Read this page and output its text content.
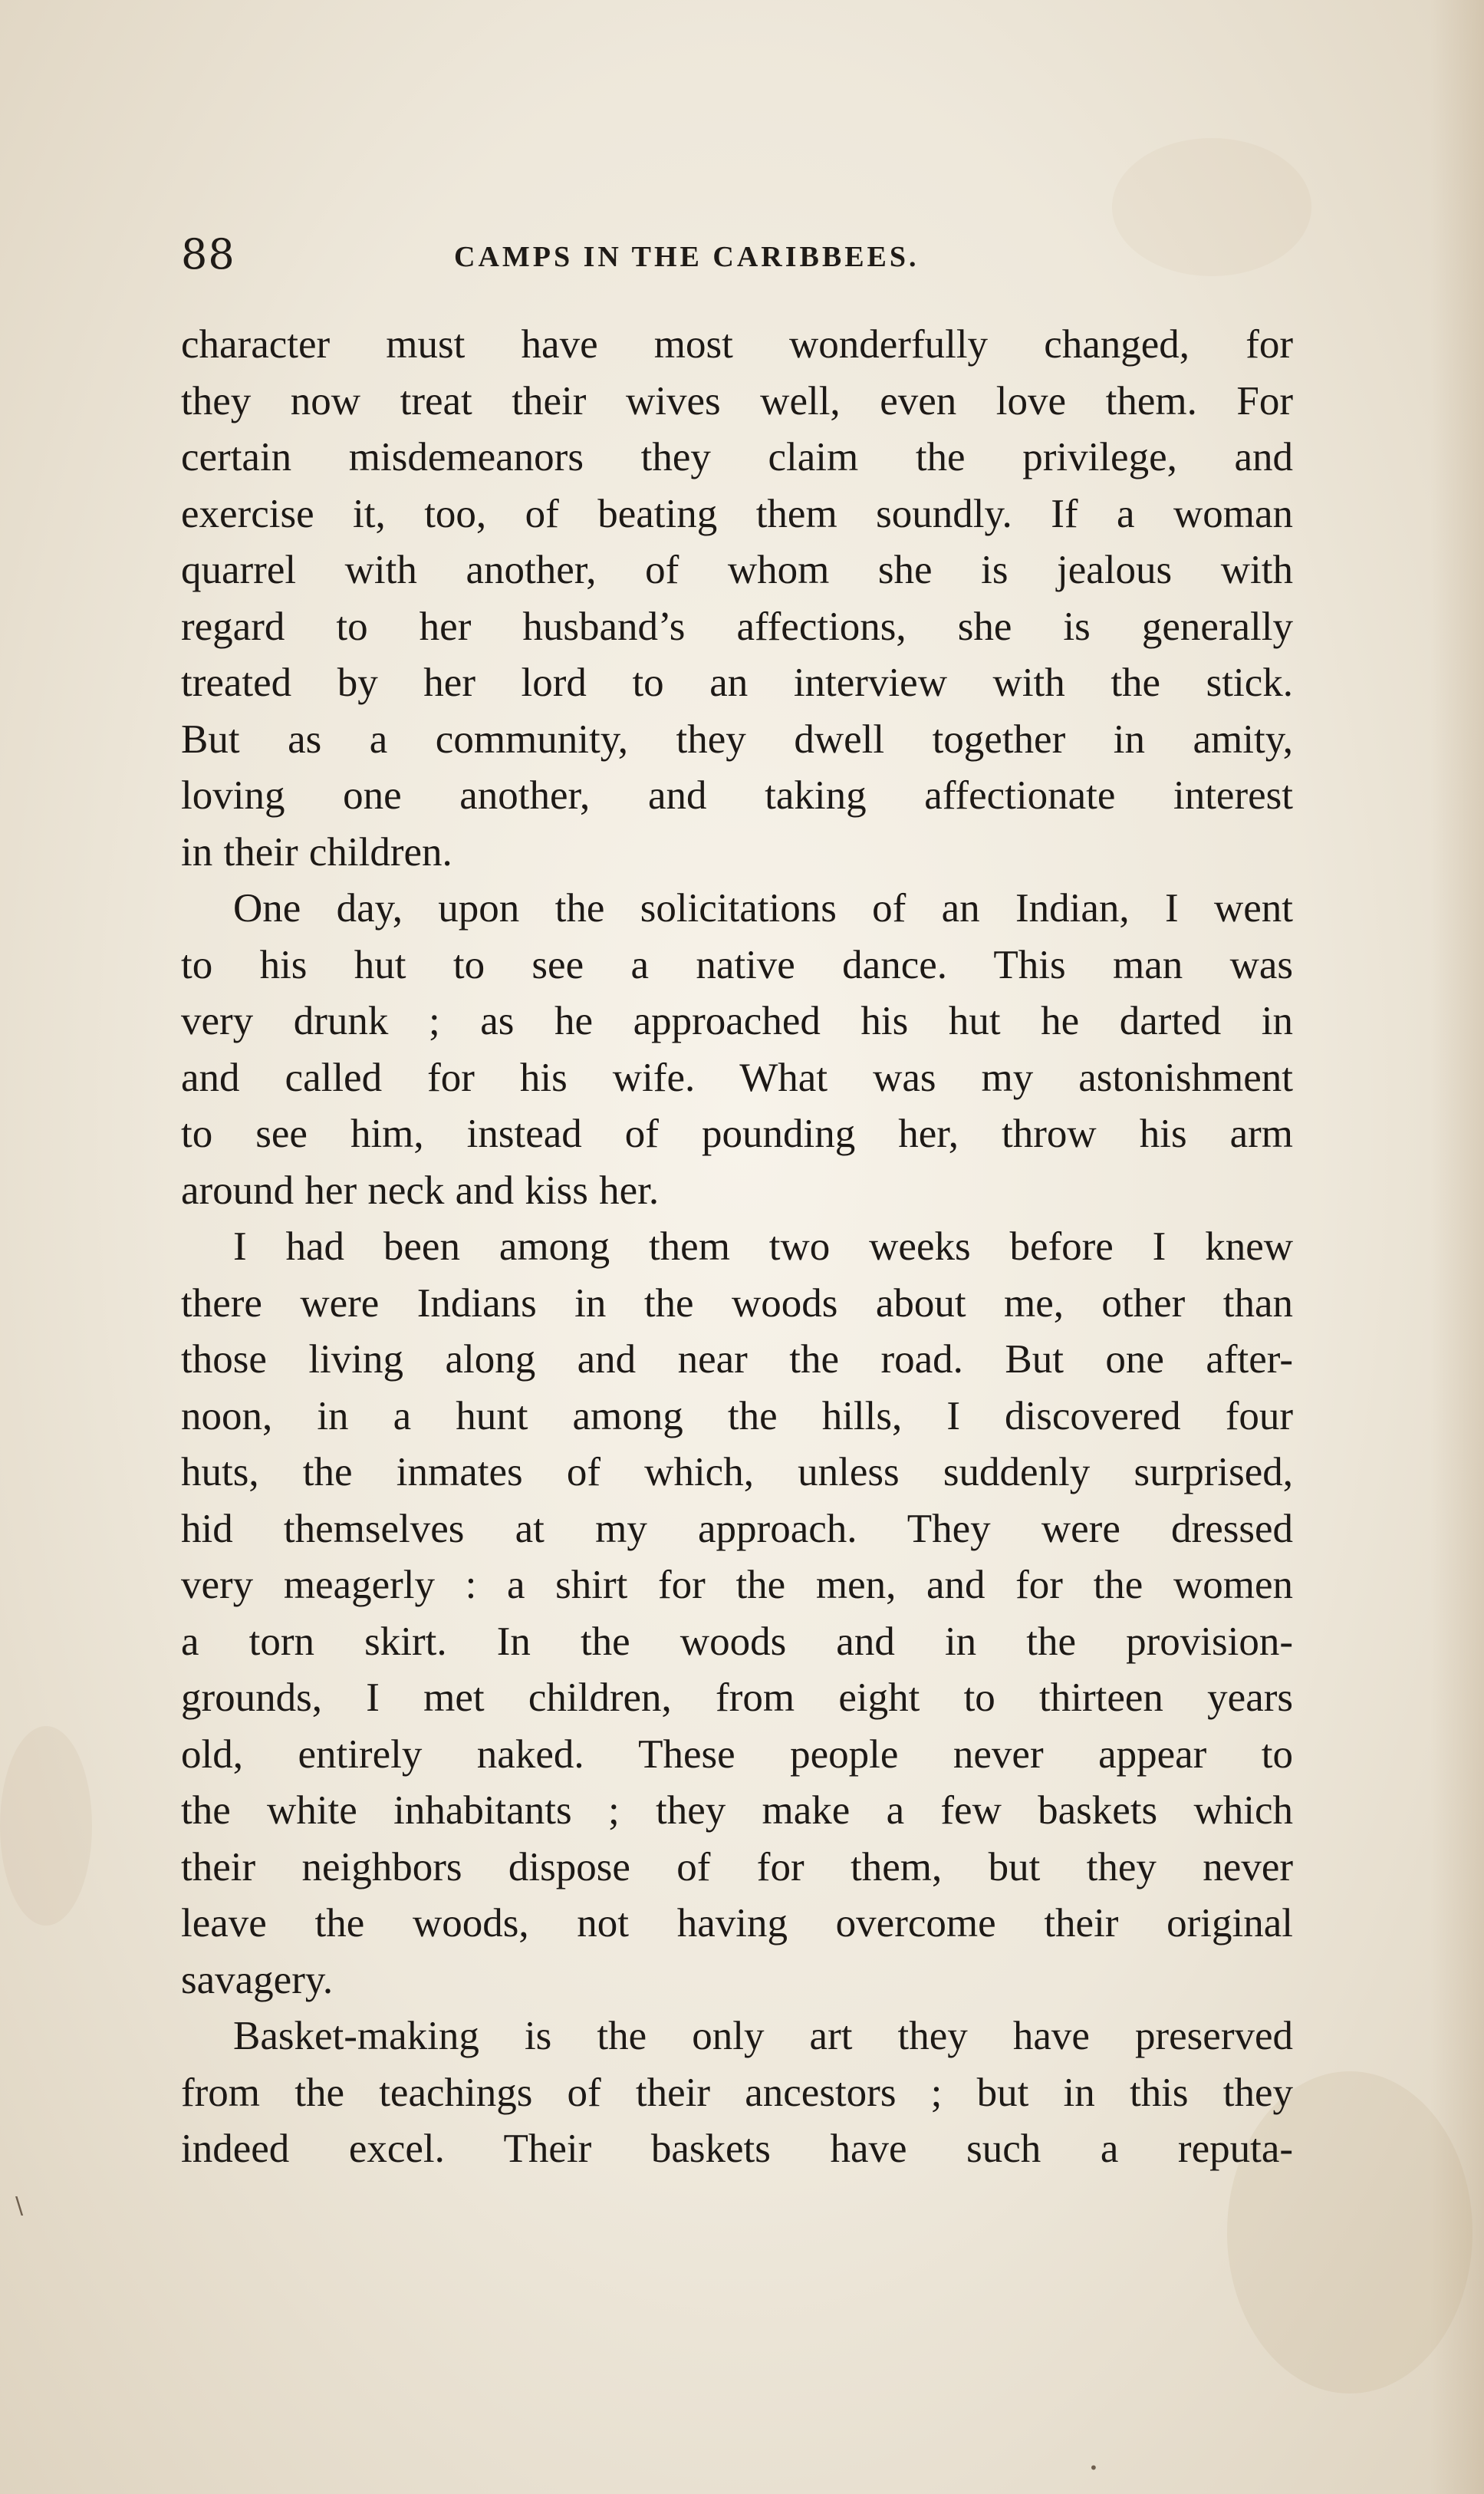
88	CAMPS IN THE CARIBBEES.
character must have most wonderfully changed, for
they now treat their wives well, even love them. For
certain misdemeanors they claim the privilege, and
exercise it, too, of beating them soundly. If a woman
quarrel with another, of whom she is jealous with
regard to her husband’s affections, she is generally
treated by her lord to an interview with the stick.
But as a community, they dwell together in amity,
loving one another, and taking affectionate interest
in their children.
One day, upon the solicitations of an Indian, I went
to his hut to see a native dance. This man was
very drunk ; as he approached his hut he darted in
and called for his wife. What was my astonishment
to see him, instead of pounding her, throw his arm
around her neck and kiss her.
I had been among them two weeks before I knew
there were Indians in the woods about me, other than
those living along and near the road. But one after-
noon, in a hunt among the hills, I discovered four
huts, the inmates of which, unless suddenly surprised,
hid themselves at my approach. They were dressed
very meagerly : a shirt for the men, and for the women
a torn skirt. In the woods and in the provision-
grounds, I met children, from eight to thirteen years
old, entirely naked. These people never appear to
the white inhabitants ; they make a few baskets which
their neighbors dispose of for them, but they never
leave the woods, not having overcome their original
savagery.
Basket-making is the only art they have preserved
from the teachings of their ancestors ; but in this they
indeed excel. Their baskets have such a reputa-
\
•
